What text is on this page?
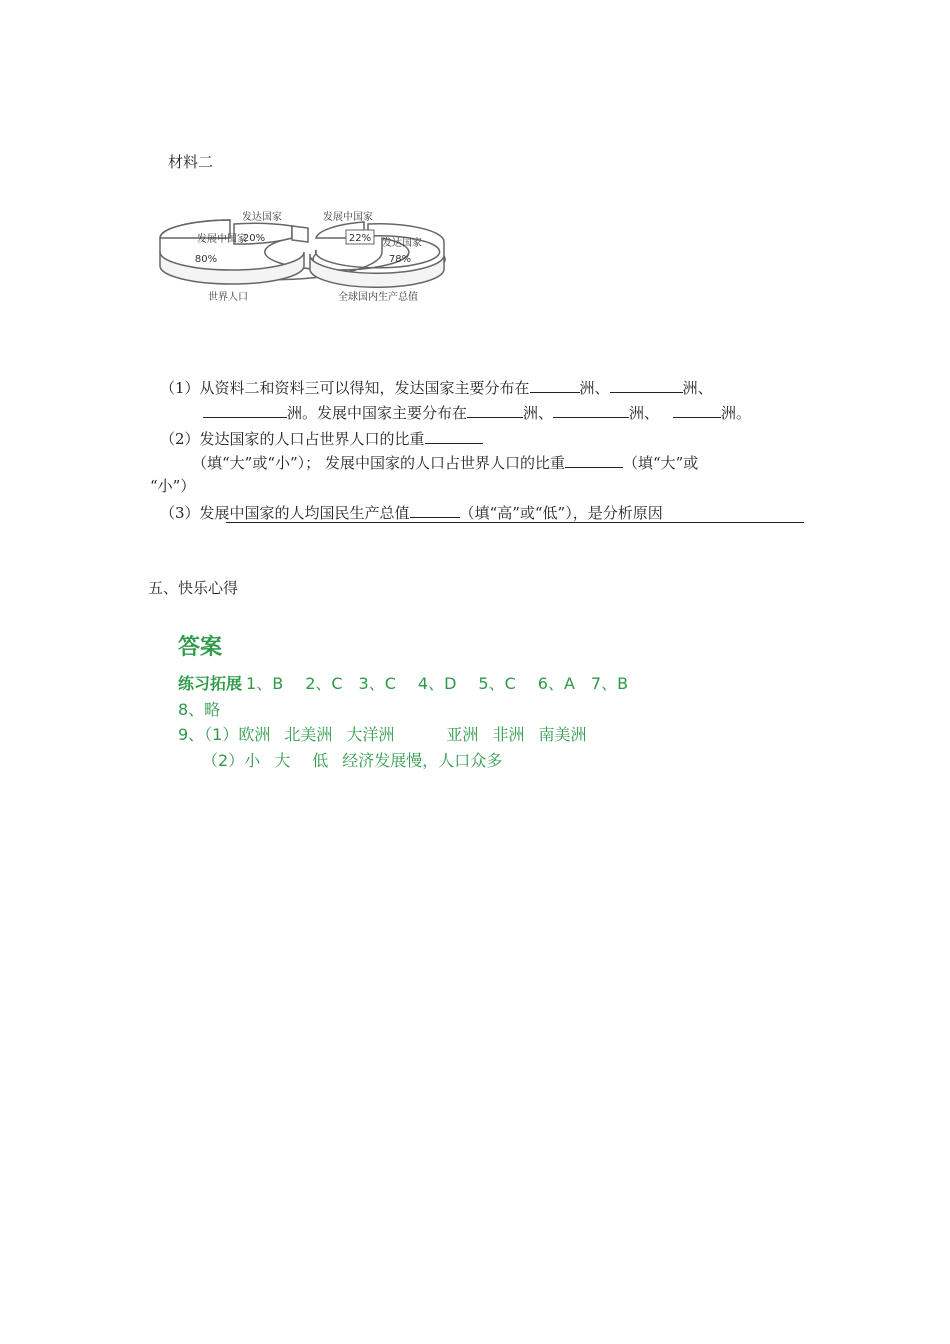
材料二
发展中国家
80%
发达国家
20%
世界人口
发展中国家
22% 发达国家
78%
全球国内生产总值
（1）从资料二和资料三可以得知，发达国家主要分布在	洲、	洲、
洲。发展中国家主要分布在	洲、	洲、	洲。
（2）发达国家的人口占世界人口的比重
（填“大”或“小”）； 发展中国家的人口占世界人口的比重	（填“大”或
“小”）
（3）发展中国家的人均国民生产总值	（填“高”或“低”），是分析原因
五、快乐心得
答案
练习拓展 1、B 2、C 3、C 4、D 5、C 6、A 7、B
8、略
9、（1）欧洲 北美洲 大洋洲	亚洲 非洲 南美洲
（2）小 大 低 经济发展慢，人口众多
